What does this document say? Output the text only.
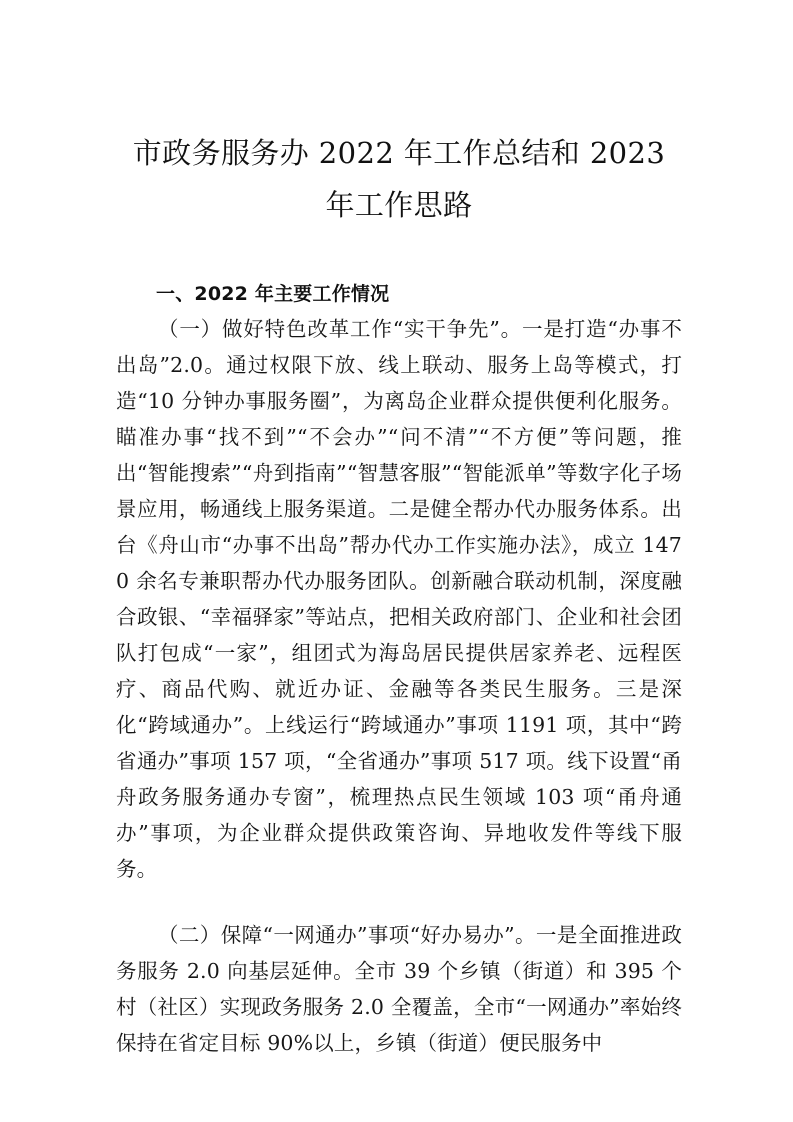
市政务服务办 2022 年工作总结和 2023 年工作思路
一、2022 年主要工作情况

（一）做好特色改革工作“实干争先”。一是打造“办事不出岛”2.0。通过权限下放、线上联动、服务上岛等模式，打造“10 分钟办事服务圈”，为离岛企业群众提供便利化服务。瞄准办事“找不到”“不会办”“问不清”“不方便”等问题，推出“智能搜索”“舟到指南”“智慧客服”“智能派单”等数字化子场景应用，畅通线上服务渠道。二是健全帮办代办服务体系。出台《舟山市“办事不出岛”帮办代办工作实施办法》，成立 1470 余名专兼职帮办代办服务团队。创新融合联动机制，深度融合政银、“幸福驿家”等站点，把相关政府部门、企业和社会团队打包成“一家”，组团式为海岛居民提供居家养老、远程医疗、商品代购、就近办证、金融等各类民生服务。三是深化“跨域通办”。上线运行“跨域通办”事项 1191 项，其中“跨省通办”事项 157 项，“全省通办”事项 517 项。线下设置“甬舟政务服务通办专窗”，梳理热点民生领域 103 项“甬舟通办”事项，为企业群众提供政策咨询、异地收发件等线下服务。

（二）保障“一网通办”事项“好办易办”。一是全面推进政务服务 2.0 向基层延伸。全市 39 个乡镇（街道）和 395 个村（社区）实现政务服务 2.0 全覆盖，全市“一网通办”率始终保持在省定目标 90%以上，乡镇（街道）便民服务中
